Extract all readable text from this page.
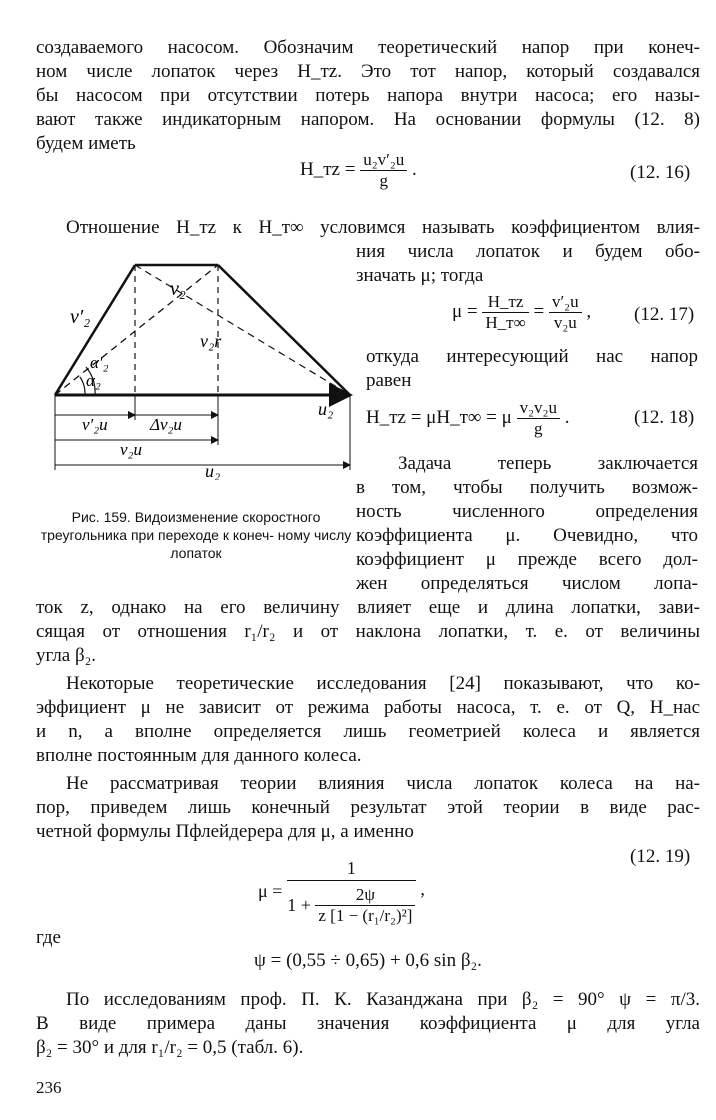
создаваемого насосом. Обозначим теоретический напор при конеч-
ном числе лопаток через H_тz. Это тот напор, который создавался
бы насосом при отсутствии потерь напора внутри насоса; его назы-
вают также индикаторным напором. На основании формулы (12. 8)
будем иметь
H_тz = $\frac{\text{u₂v′₂u}}{g}$ .	(12. 16)
Отношение H_тz к H_т∞ условимся называть коэффициентом влия-
ния числа лопаток и будем обо-
значать μ; тогда
v′₂
v₂
α′₂
α₂
v₂r
u₂
v′₂u Δv₂u
v₂u
u₂
$\mu = \frac{H\_тz}{H\_т\infty} = \frac{\text{v′₂u}}{\text{v₂u}}$ , (12. 17)
откуда интересующий нас напор
равен
H_тz = μH_т∞ = μ $\frac{\text{v₂v₂u}}{g}$ .	(12. 18)
Задача теперь заключается
в том, чтобы получить возмож-
ность численного определения
коэффициента μ. Очевидно, что
коэффициент μ прежде всего дол-
жен определяться числом лопа-
Рис. 159. Видоизменение скоростного треугольника при переходе к конеч- ному числу лопаток
ток z, однако на его величину влияет еще и длина лопатки, зави-
сящая от отношения r₁/r₂ и от наклона лопатки, т. е. от величины
угла β₂.
Некоторые теоретические исследования [24] показывают, что ко-
эффициент μ не зависит от режима работы насоса, т. е. от Q, H_нас
и n, а вполне определяется лишь геометрией колеса и является
вполне постоянным для данного колеса.
Не рассматривая теории влияния числа лопаток колеса на на-
пор, приведем лишь конечный результат этой теории в виде рас-
четной формулы Пфлейдерера для μ, а именно
$\mu = \frac{1}{1 + \frac{2\psi}{\text{z [1 − (r₁/r₂)²]}}}$ ,
(12. 19)
где
ψ = (0,55 ÷ 0,65) + 0,6 sin β₂.
По исследованиям проф. П. К. Казанджана при β₂ = 90° ψ = π/3.
В виде примера даны значения коэффициента μ для угла
β₂ = 30° и для r₁/r₂ = 0,5 (табл. 6).
236
